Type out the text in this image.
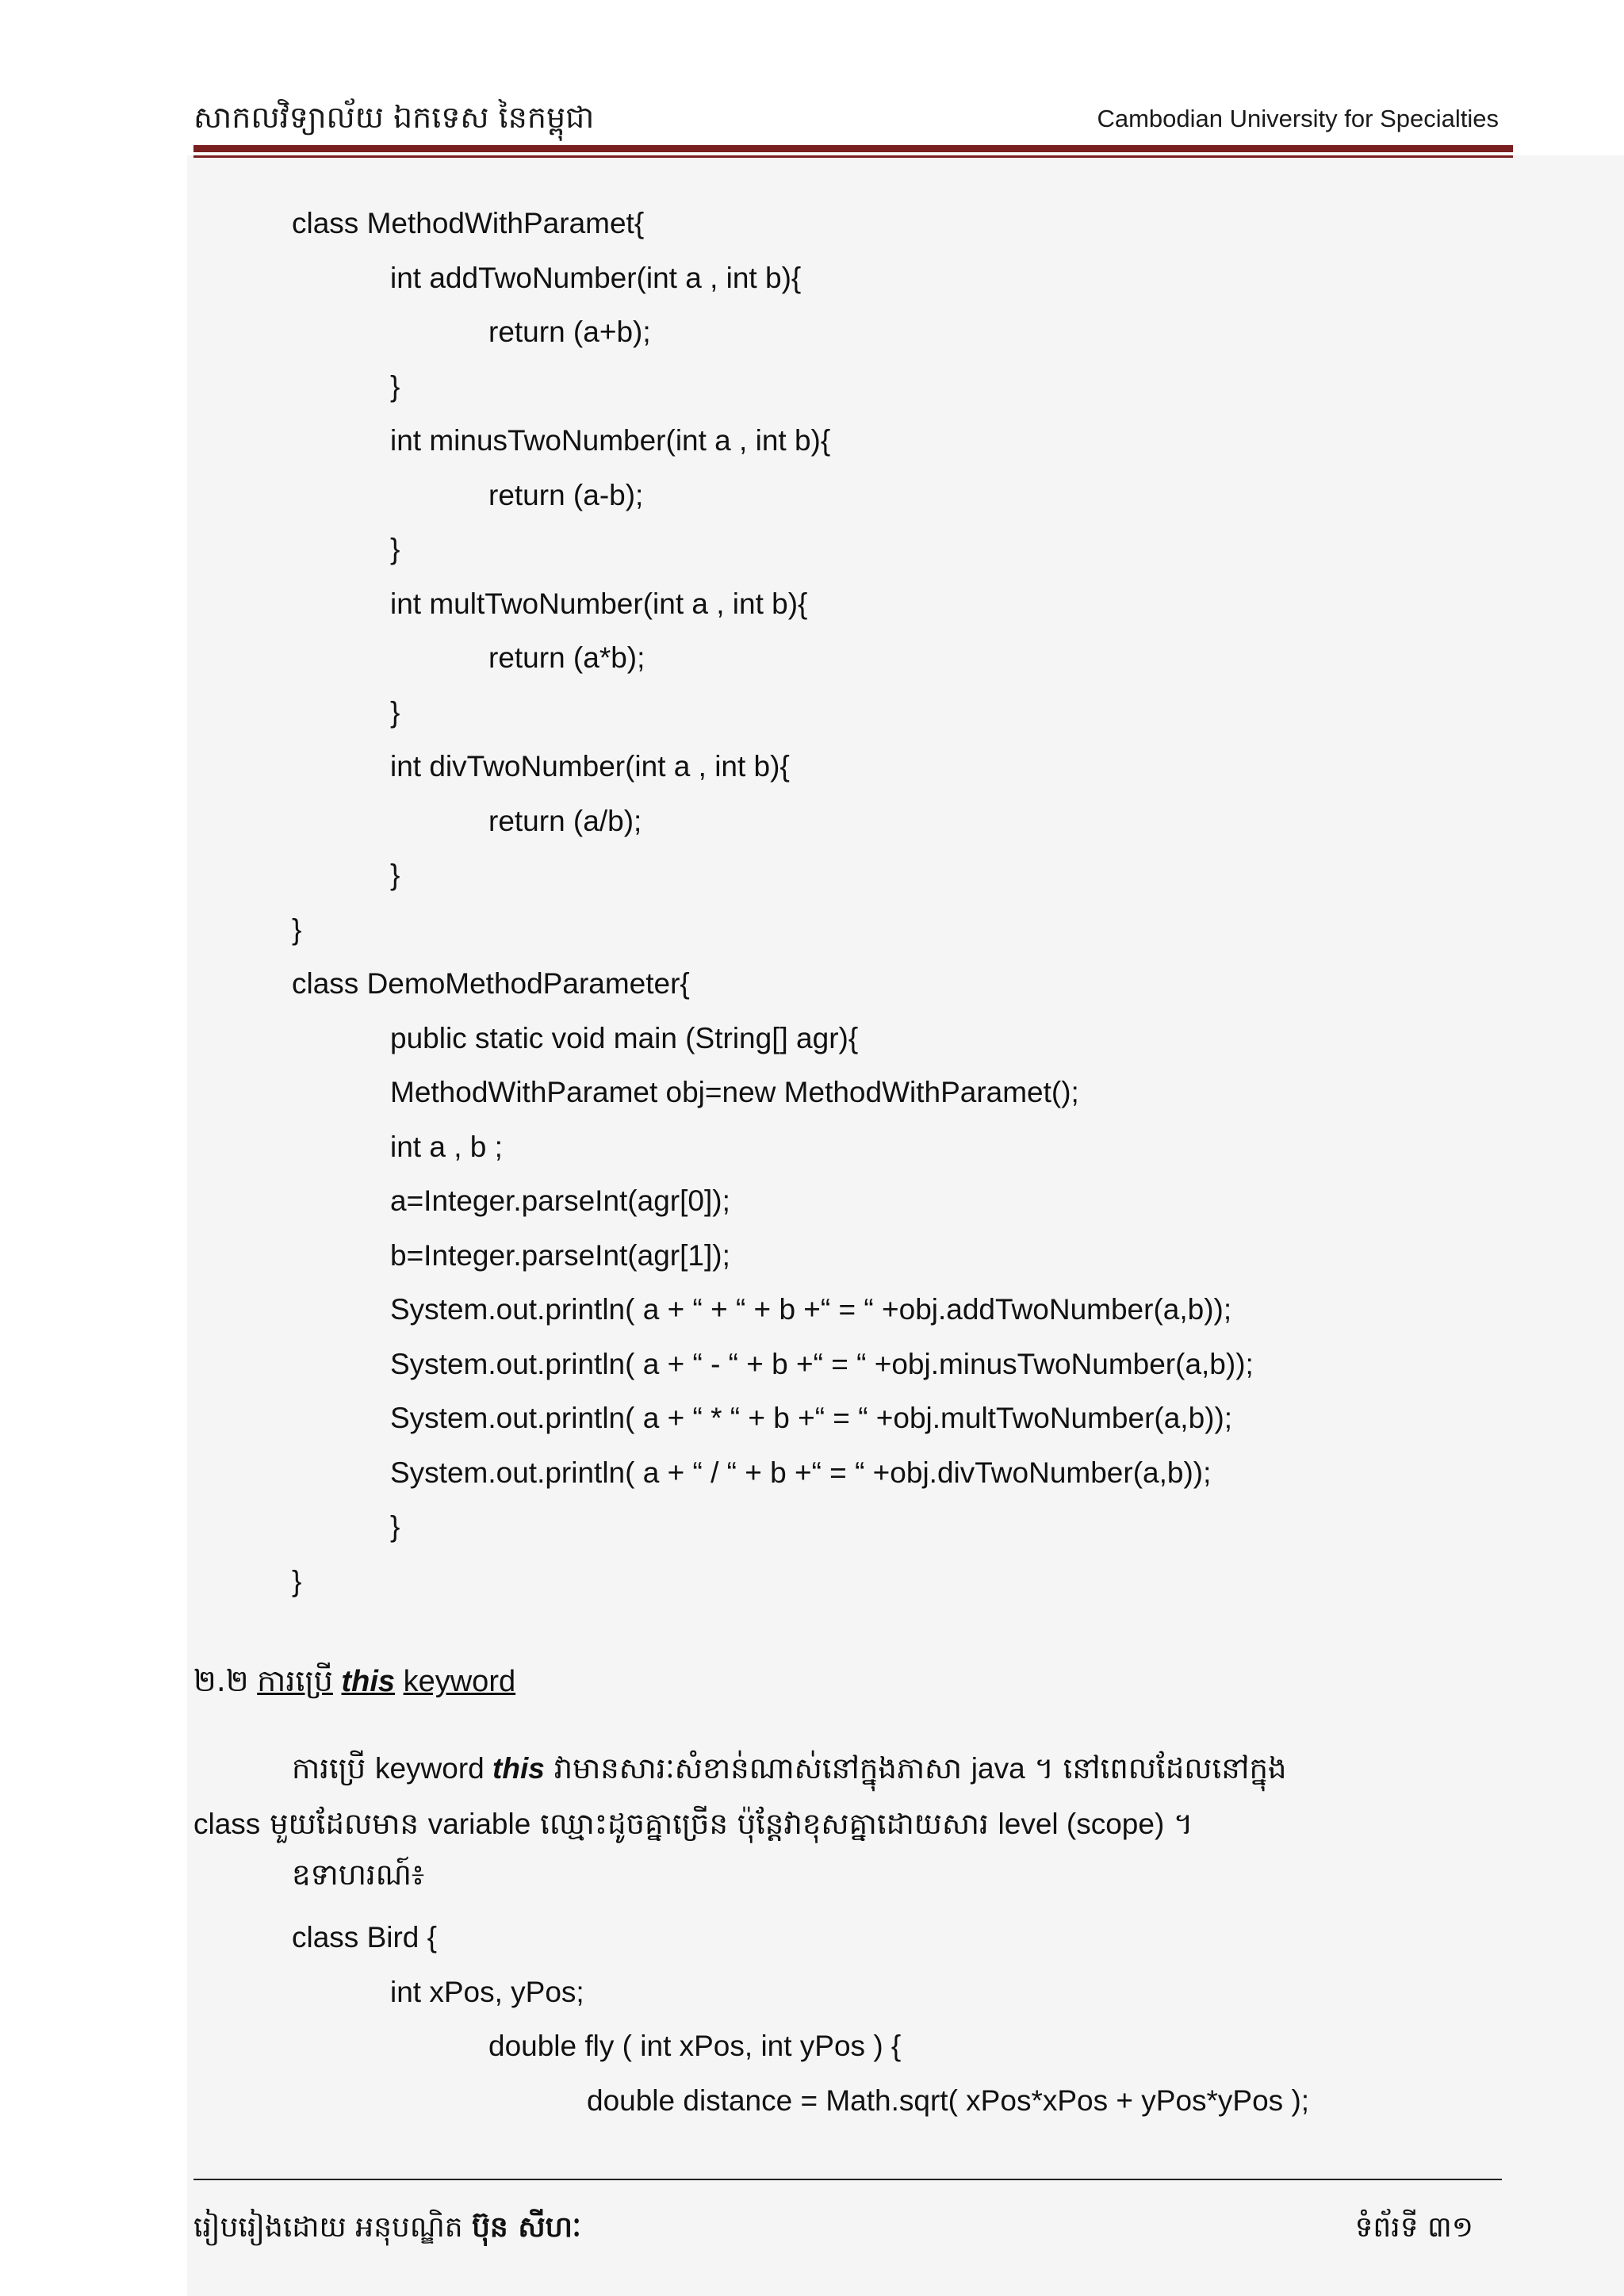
សាកលវិទ្យាល័យ ឯកទេស នៃកម្ពុជា	Cambodian University for Specialties

class MethodWithParamet{

int addTwoNumber(int a , int b){

return (a+b);

}

int minusTwoNumber(int a , int b){

return (a-b);

}

int multTwoNumber(int a , int b){

return (a*b);

}

int divTwoNumber(int a , int b){

return (a/b);

}

}

class DemoMethodParameter{

public static void main (String[] agr){

MethodWithParamet obj=new MethodWithParamet();

int a , b ;

a=Integer.parseInt(agr[0]);

b=Integer.parseInt(agr[1]);

System.out.println( a + “ + “ + b +“ = “ +obj.addTwoNumber(a,b));

System.out.println( a + “ - “ + b +“ = “ +obj.minusTwoNumber(a,b));

System.out.println( a + “ * “ + b +“ = “ +obj.multTwoNumber(a,b));

System.out.println( a + “ / “ + b +“ = “ +obj.divTwoNumber(a,b));

}

}

២.២ ការប្រើ this keyword
ការប្រើ keyword this វាមានសារៈសំខាន់ណាស់នៅក្នុងភាសា java ។ នៅពេលដែលនៅក្នុង
class មួយដែលមាន variable ឈ្មោះដូចគ្នាច្រើន ប៉ុន្តែវាខុសគ្នាដោយសារ level (scope) ។
ឧទាហរណ៍៖

class Bird {

int xPos, yPos;

double fly ( int xPos, int yPos ) {

double distance = Math.sqrt( xPos*xPos + yPos*yPos );

រៀបរៀងដោយ អនុបណ្ឌិត ប៊ុន សីហៈ	ទំព័រទី ៣១
